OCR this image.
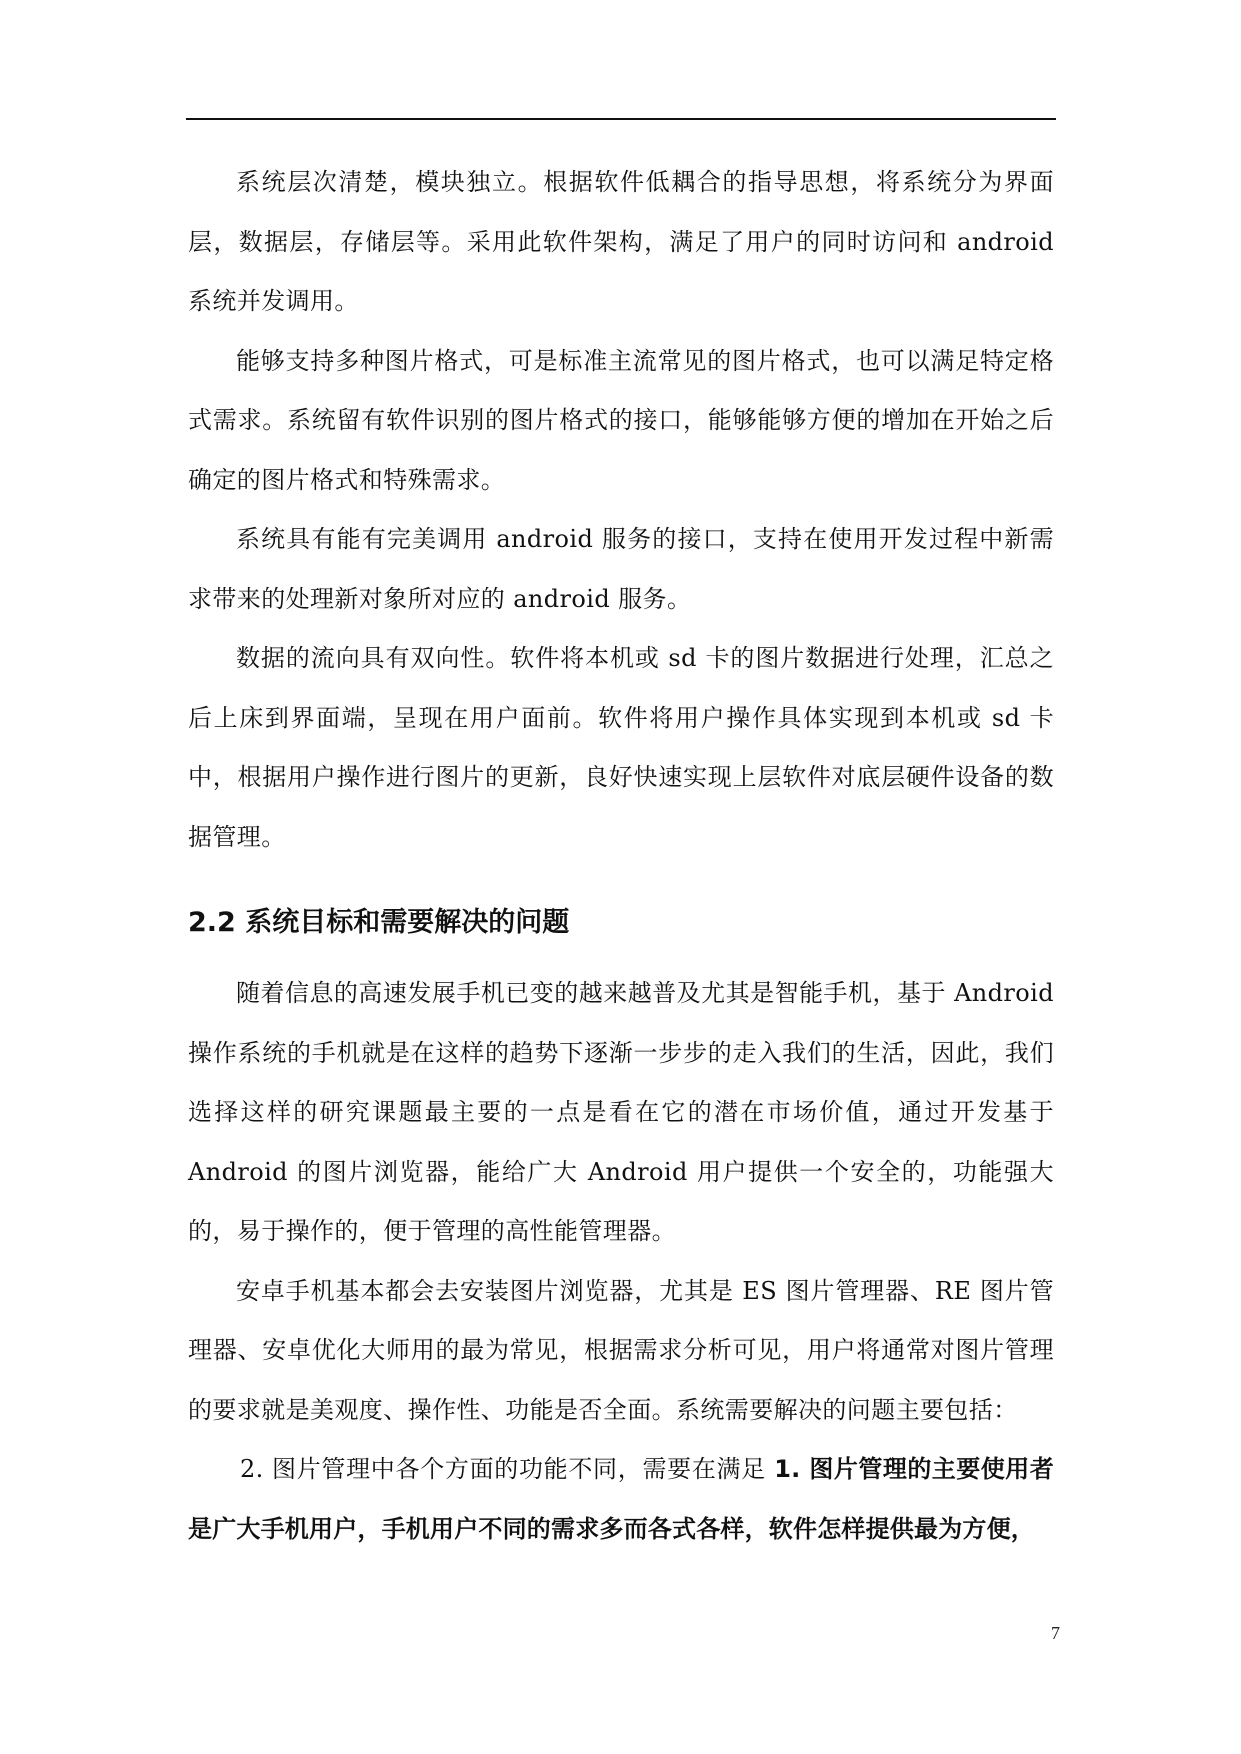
系统层次清楚，模块独立。根据软件低耦合的指导思想，将系统分为界面层，数据层，存储层等。采用此软件架构，满足了用户的同时访问和 android 系统并发调用。

能够支持多种图片格式，可是标准主流常见的图片格式，也可以满足特定格式需求。系统留有软件识别的图片格式的接口，能够能够方便的增加在开始之后确定的图片格式和特殊需求。

系统具有能有完美调用 android 服务的接口，支持在使用开发过程中新需求带来的处理新对象所对应的 android 服务。

数据的流向具有双向性。软件将本机或 sd 卡的图片数据进行处理，汇总之后上床到界面端，呈现在用户面前。软件将用户操作具体实现到本机或 sd 卡中，根据用户操作进行图片的更新，良好快速实现上层软件对底层硬件设备的数据管理。

2.2 系统目标和需要解决的问题

随着信息的高速发展手机已变的越来越普及尤其是智能手机，基于 Android 操作系统的手机就是在这样的趋势下逐渐一步步的走入我们的生活，因此，我们选择这样的研究课题最主要的一点是看在它的潜在市场价值，通过开发基于 Android 的图片浏览器，能给广大 Android 用户提供一个安全的，功能强大的，易于操作的，便于管理的高性能管理器。

安卓手机基本都会去安装图片浏览器，尤其是 ES 图片管理器、RE 图片管理器、安卓优化大师用的最为常见，根据需求分析可见，用户将通常对图片管理的要求就是美观度、操作性、功能是否全面。系统需要解决的问题主要包括：

2. 图片管理中各个方面的功能不同，需要在满足 1. 图片管理的主要使用者是广大手机用户，手机用户不同的需求多而各式各样，软件怎样提供最为方便，

7
